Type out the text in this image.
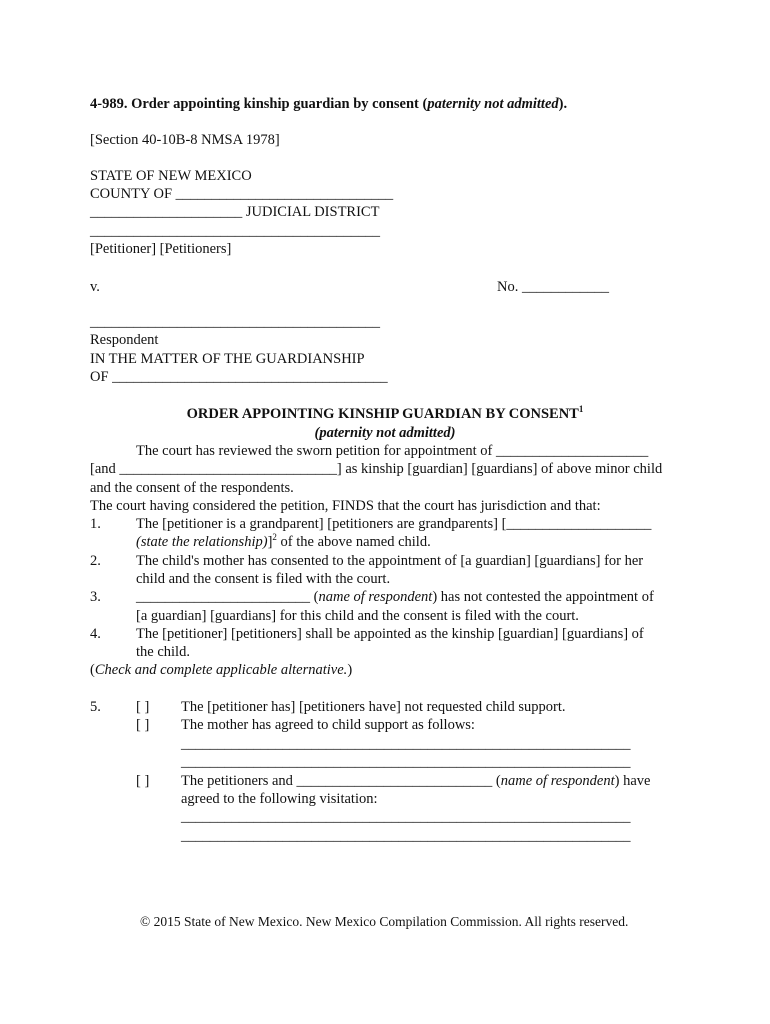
4-989. Order appointing kinship guardian by consent (paternity not admitted).
[Section 40-10B-8 NMSA 1978]
STATE OF NEW MEXICO
COUNTY OF ______________________________
_____________________ JUDICIAL DISTRICT
________________________________________
[Petitioner] [Petitioners]
v.	No. ____________
________________________________________
Respondent
IN THE MATTER OF THE GUARDIANSHIP
OF ______________________________________
ORDER APPOINTING KINSHIP GUARDIAN BY CONSENT$^1$
(paternity not admitted)
The court has reviewed the sworn petition for appointment of _____________________
[and ______________________________] as kinship [guardian] [guardians] of above minor child
and the consent of the respondents.
The court having considered the petition, FINDS that the court has jurisdiction and that:
1. The [petitioner is a grandparent] [petitioners are grandparents] [____________________
(state the relationship)]$^2$ of the above named child.
2. The child's mother has consented to the appointment of [a guardian] [guardians] for her
child and the consent is filed with the court.
3. ________________________ (name of respondent) has not contested the appointment of
[a guardian] [guardians] for this child and the consent is filed with the court.
4. The [petitioner] [petitioners] shall be appointed as the kinship [guardian] [guardians] of
the child.
(Check and complete applicable alternative.)
5. [ ] The [petitioner has] [petitioners have] not requested child support.
[ ] The mother has agreed to child support as follows:
______________________________________________________________
______________________________________________________________
[ ] The petitioners and ___________________________ (name of respondent) have
agreed to the following visitation:
______________________________________________________________
______________________________________________________________
© 2015 State of New Mexico. New Mexico Compilation Commission. All rights reserved.
